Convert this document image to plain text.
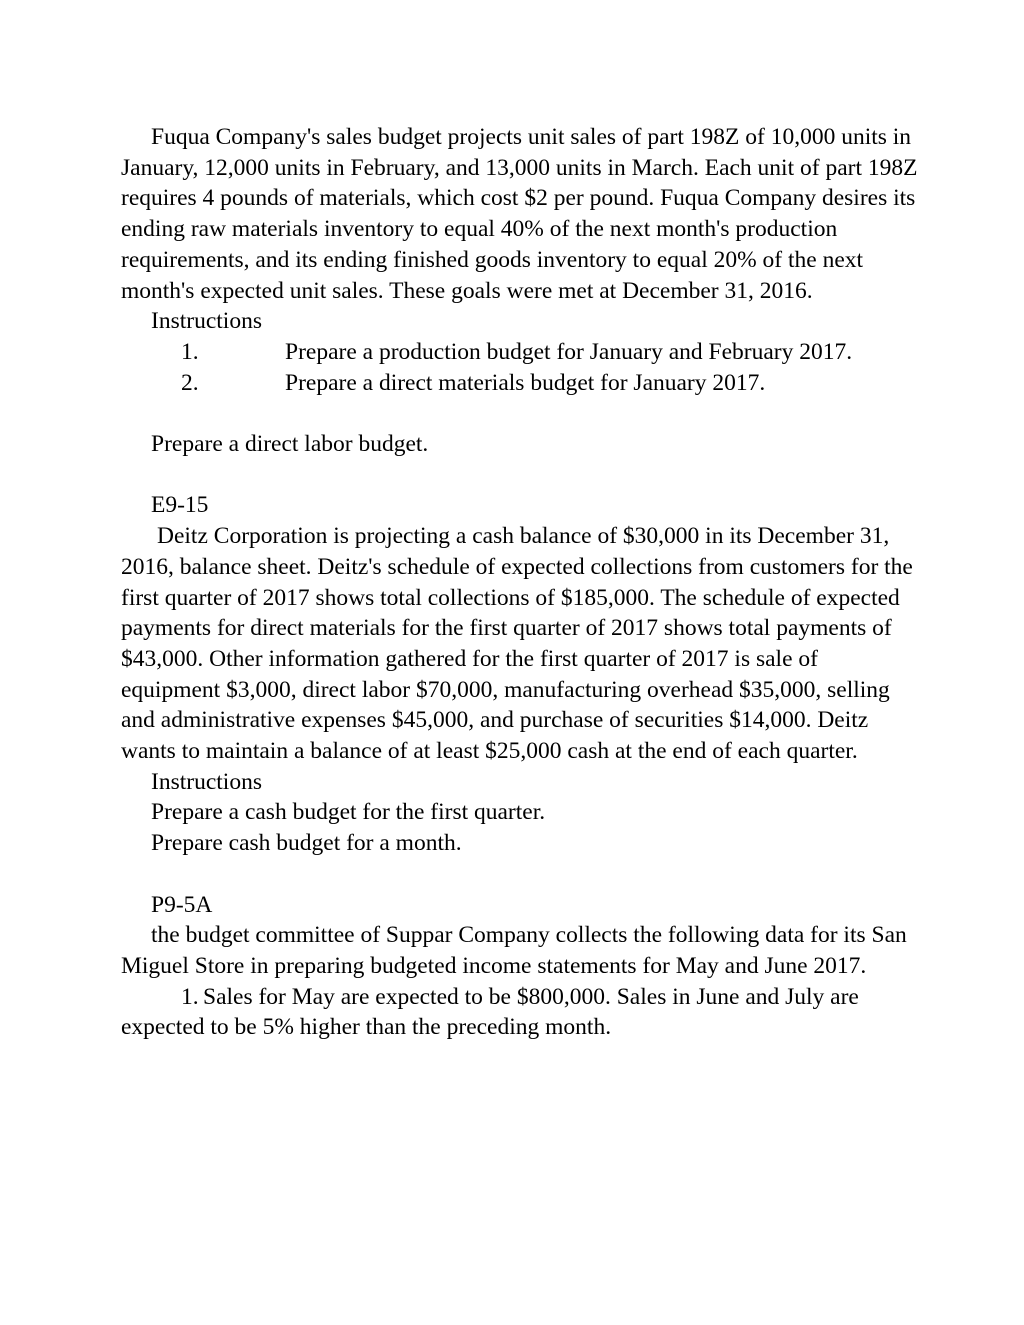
Fuqua Company's sales budget projects unit sales of part 198Z of 10,000 units in January, 12,000 units in February, and 13,000 units in March. Each unit of part 198Z requires 4 pounds of materials, which cost $2 per pound. Fuqua Company desires its ending raw materials inventory to equal 40% of the next month's production requirements, and its ending finished goods inventory to equal 20% of the next month's expected unit sales. These goals were met at December 31, 2016.

Instructions

1.	Prepare a production budget for January and February 2017.

2.	Prepare a direct materials budget for January 2017.

Prepare a direct labor budget.

E9-15

Deitz Corporation is projecting a cash balance of $30,000 in its December 31, 2016, balance sheet. Deitz's schedule of expected collections from customers for the first quarter of 2017 shows total collections of $185,000. The schedule of expected payments for direct materials for the first quarter of 2017 shows total payments of $43,000. Other information gathered for the first quarter of 2017 is sale of equipment $3,000, direct labor $70,000, manufacturing overhead $35,000, selling and administrative expenses $45,000, and purchase of securities $14,000. Deitz wants to maintain a balance of at least $25,000 cash at the end of each quarter.

Instructions

Prepare a cash budget for the first quarter.

Prepare cash budget for a month.

P9-5A

the budget committee of Suppar Company collects the following data for its San Miguel Store in preparing budgeted income statements for May and June 2017.

1. Sales for May are expected to be $800,000. Sales in June and July are expected to be 5% higher than the preceding month.
